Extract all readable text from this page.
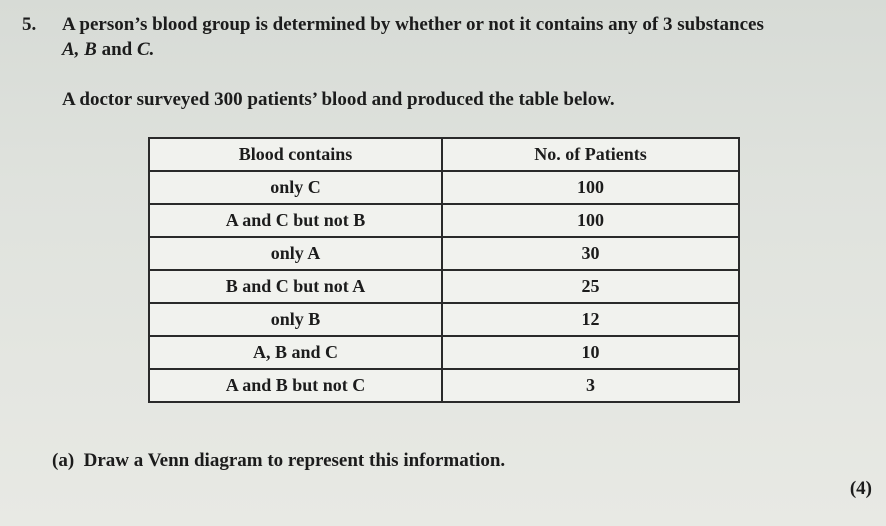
5. A person’s blood group is determined by whether or not it contains any of 3 substances
A, B and C.
A doctor surveyed 300 patients’ blood and produced the table below.
Blood contains	No. of Patients
only C	100
A and C but not B	100
only A	30
B and C but not A	25
only B	12
A, B and C	10
A and B but not C	3
(a) Draw a Venn diagram to represent this information.
(4)
